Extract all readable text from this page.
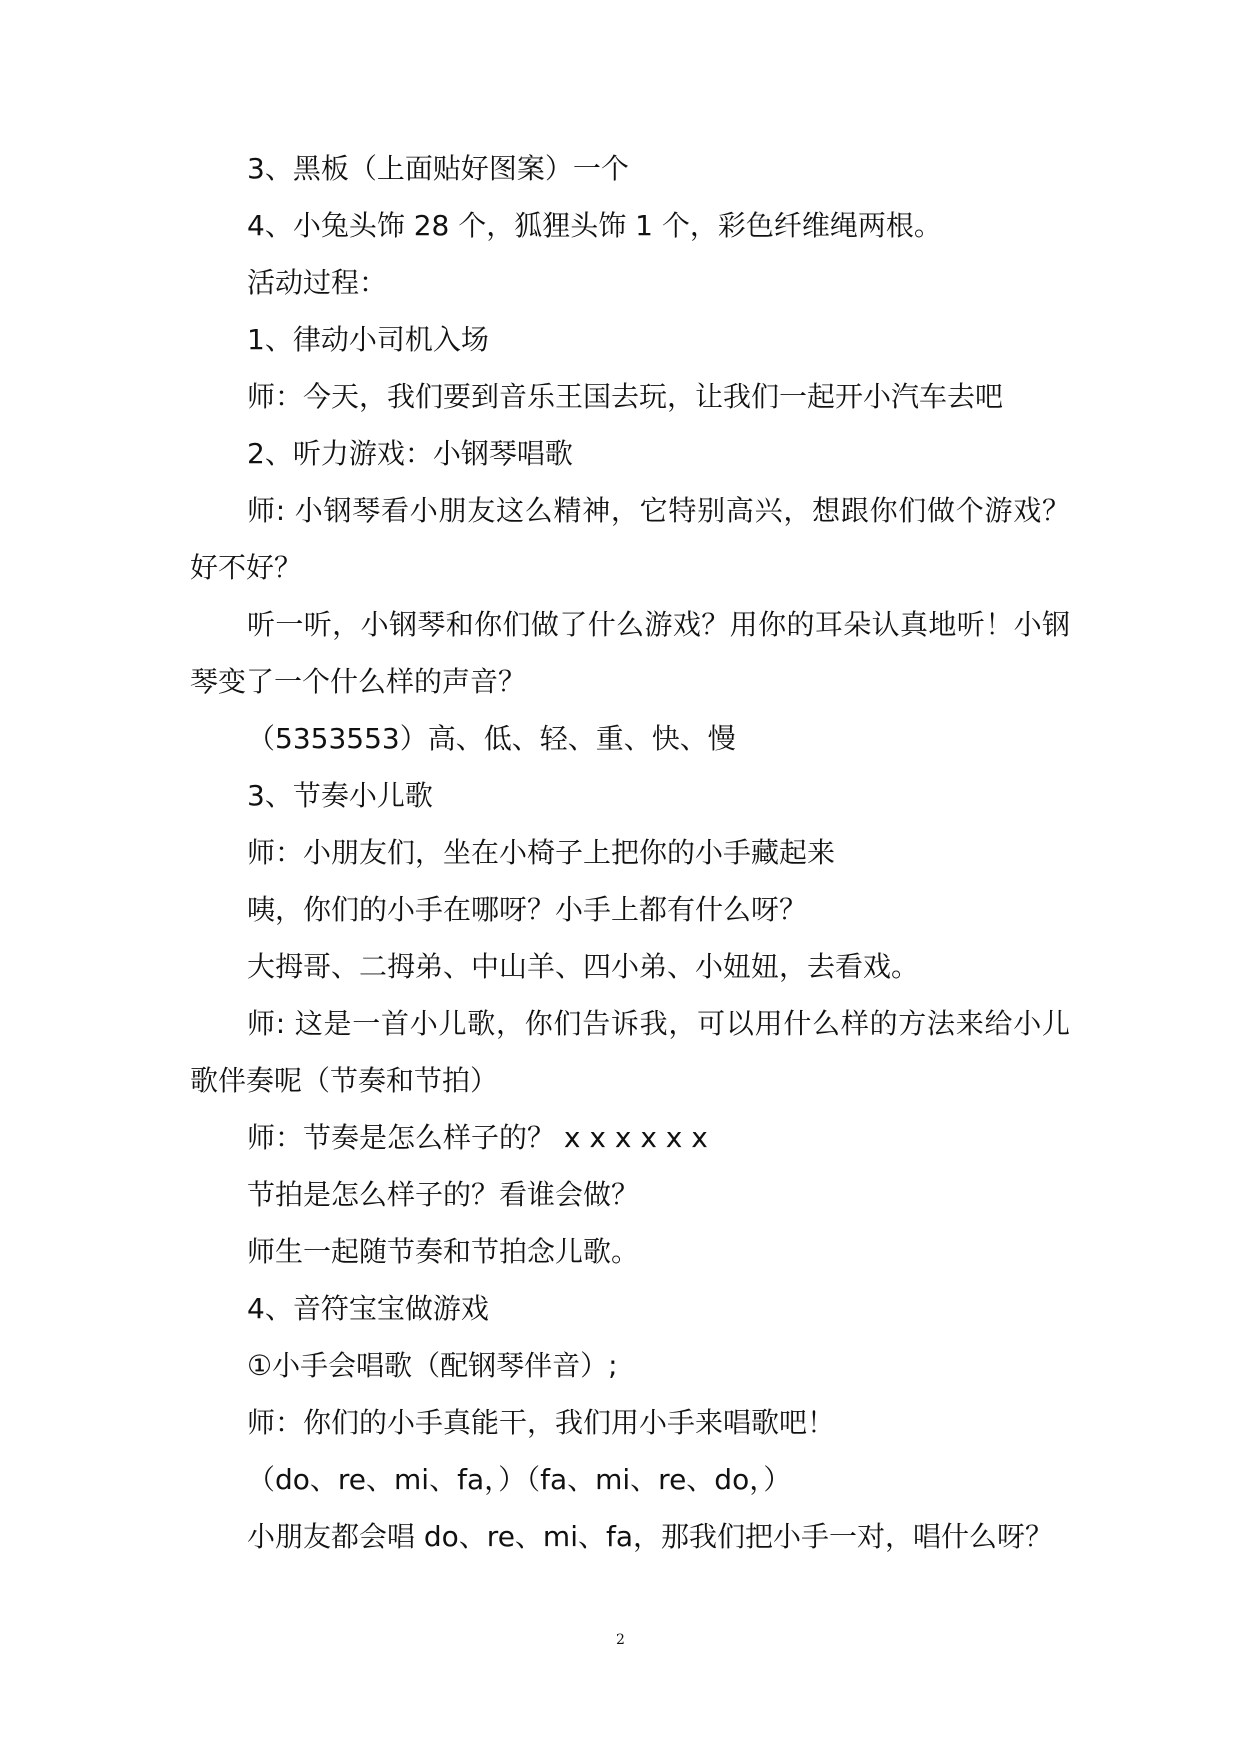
3、黑板（上面贴好图案）一个

4、小兔头饰 28 个，狐狸头饰 1 个，彩色纤维绳两根。

活动过程：

1、律动小司机入场

师：今天，我们要到音乐王国去玩，让我们一起开小汽车去吧

2、听力游戏：小钢琴唱歌

师: 小钢琴看小朋友这么精神，它特别高兴，想跟你们做个游戏？好不好？

听一听，小钢琴和你们做了什么游戏？用你的耳朵认真地听！小钢琴变了一个什么样的声音？

（5353553）高、低、轻、重、快、慢

3、节奏小儿歌

师：小朋友们，坐在小椅子上把你的小手藏起来

咦，你们的小手在哪呀？小手上都有什么呀？

大拇哥、二拇弟、中山羊、四小弟、小妞妞，去看戏。

师: 这是一首小儿歌，你们告诉我，可以用什么样的方法来给小儿歌伴奏呢（节奏和节拍）

师：节奏是怎么样子的？ x x x x x x

节拍是怎么样子的？看谁会做？

师生一起随节奏和节拍念儿歌。

4、音符宝宝做游戏

①小手会唱歌（配钢琴伴音）;

师：你们的小手真能干，我们用小手来唱歌吧！

（do、re、mi、fa，）（fa、mi、re、do，）

小朋友都会唱 do、re、mi、fa，那我们把小手一对，唱什么呀？

2
